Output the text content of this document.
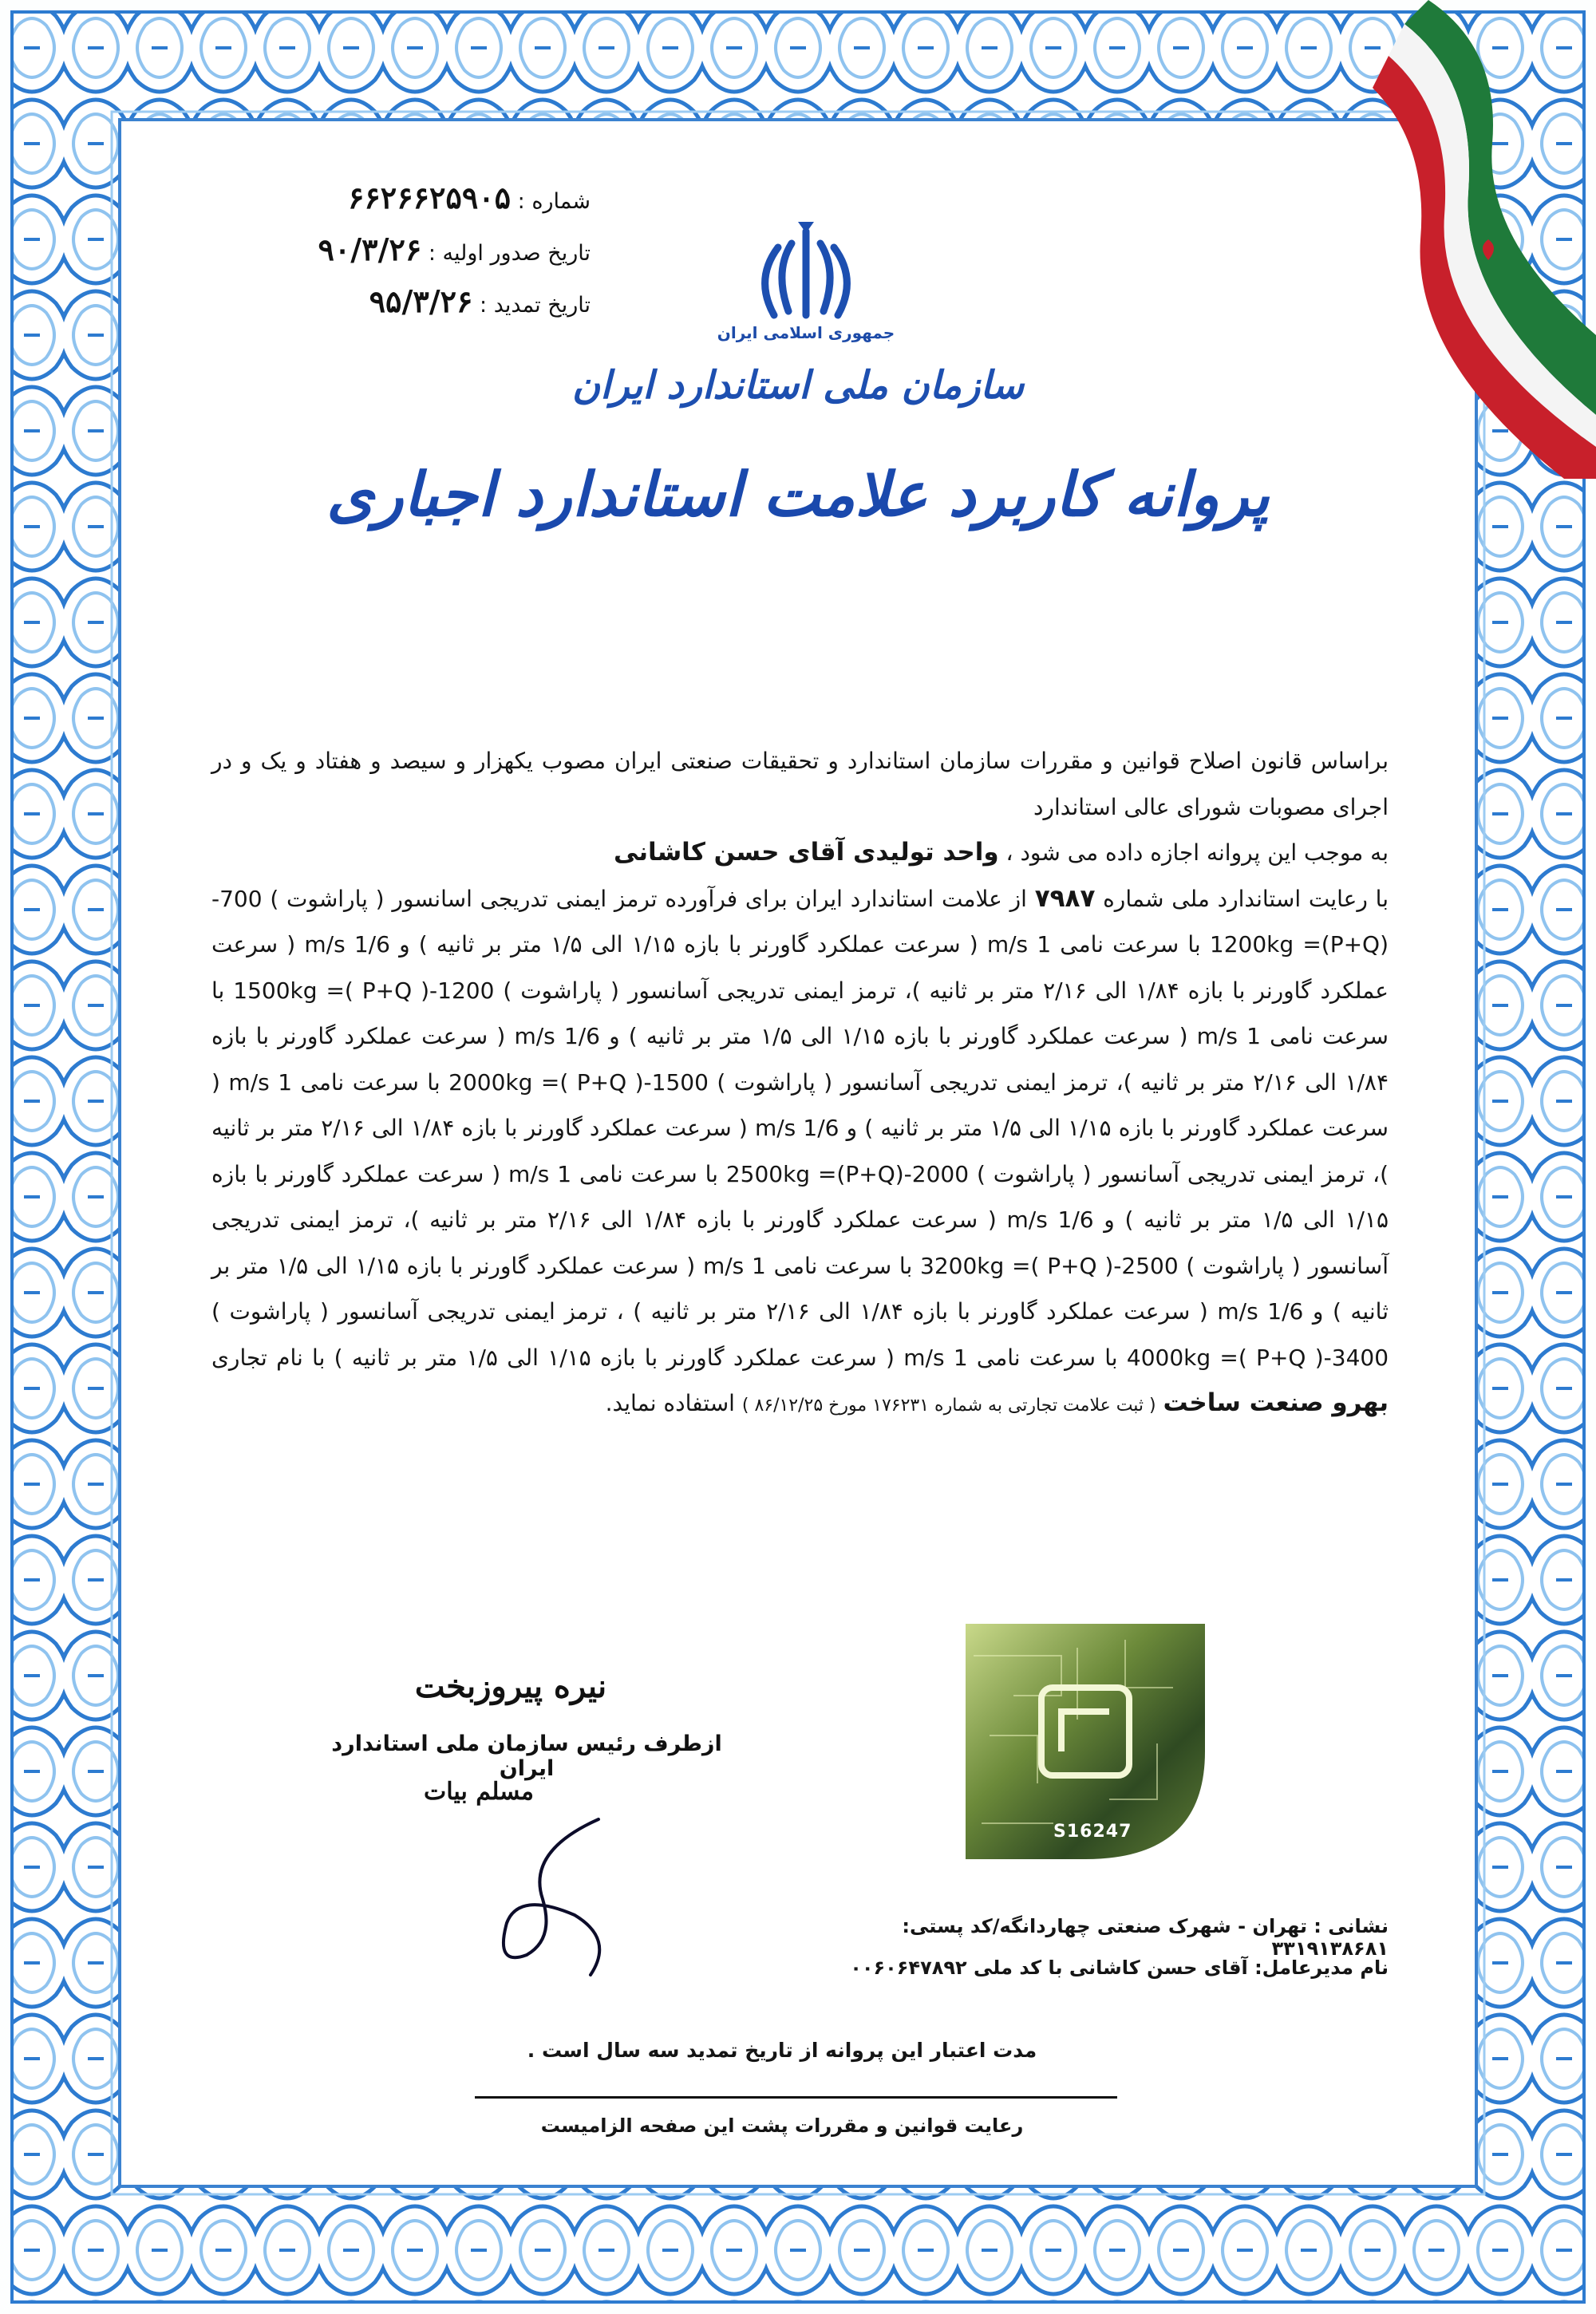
شماره : ۶۶۲۶۶۲۵۹۰۵
تاریخ صدور اولیه : ۹۰/۳/۲۶
تاریخ تمدید : ۹۵/۳/۲۶
جمهوری اسلامی ایران
سازمان ملی استاندارد ایران
پروانه کاربرد علامت استاندارد اجباری

براساس قانون اصلاح قوانین و مقررات سازمان استاندارد و تحقیقات صنعتی ایران مصوب یکهزار و سیصد و هفتاد و یک و در اجرای مصوبات شورای عالی استاندارد

به موجب این پروانه اجازه داده می شود ، واحد تولیدی آقای حسن کاشانی

با رعایت استاندارد ملی شماره ۷۹۸۷ از علامت استاندارد ایران برای فرآورده ترمز ایمنی تدریجی اسانسور ( پاراشوت ) 700-1200kg =(P+Q) با سرعت نامی 1 m/s ( سرعت عملکرد گاورنر با بازه ۱/۱۵ الی ۱/۵ متر بر ثانیه ) و 1/6 m/s ( سرعت عملکرد گاورنر با بازه ۱/۸۴ الی ۲/۱۶ متر بر ثانیه )، ترمز ایمنی تدریجی آسانسور ( پاراشوت ) 1200-1500kg =( P+Q ) با سرعت نامی 1 m/s ( سرعت عملکرد گاورنر با بازه ۱/۱۵ الی ۱/۵ متر بر ثانیه ) و 1/6 m/s ( سرعت عملکرد گاورنر با بازه ۱/۸۴ الی ۲/۱۶ متر بر ثانیه )، ترمز ایمنی تدریجی آسانسور ( پاراشوت ) 1500-2000kg =( P+Q ) با سرعت نامی 1 m/s ( سرعت عملکرد گاورنر با بازه ۱/۱۵ الی ۱/۵ متر بر ثانیه ) و 1/6 m/s ( سرعت عملکرد گاورنر با بازه ۱/۸۴ الی ۲/۱۶ متر بر ثانیه )، ترمز ایمنی تدریجی آسانسور ( پاراشوت ) 2000-2500kg =(P+Q) با سرعت نامی 1 m/s ( سرعت عملکرد گاورنر با بازه ۱/۱۵ الی ۱/۵ متر بر ثانیه ) و 1/6 m/s ( سرعت عملکرد گاورنر با بازه ۱/۸۴ الی ۲/۱۶ متر بر ثانیه )، ترمز ایمنی تدریجی آسانسور ( پاراشوت ) 2500-3200kg =( P+Q ) با سرعت نامی 1 m/s ( سرعت عملکرد گاورنر با بازه ۱/۱۵ الی ۱/۵ متر بر ثانیه ) و 1/6 m/s ( سرعت عملکرد گاورنر با بازه ۱/۸۴ الی ۲/۱۶ متر بر ثانیه ) ، ترمز ایمنی تدریجی آسانسور ( پاراشوت ) 3400-4000kg =( P+Q ) با سرعت نامی 1 m/s ( سرعت عملکرد گاورنر با بازه ۱/۱۵ الی ۱/۵ متر بر ثانیه ) با نام تجاری بهرو صنعت ساخت ( ثبت علامت تجارتی به شماره ۱۷۶۲۳۱ مورخ ۸۶/۱۲/۲۵ ) استفاده نماید.

S16247
نیره پیروزبخت
ازطرف رئیس سازمان ملی استاندارد ایران
مسلم بیات
نشانی : تهران - شهرک صنعتی چهاردانگه/کد پستی: ۳۳۱۹۱۳۸۶۸۱
نام مدیرعامل: آقای حسن کاشانی با کد ملی ۰۰۶۰۶۴۷۸۹۲
مدت اعتبار این پروانه از تاریخ تمدید سه سال است .
رعایت قوانین و مقررات پشت این صفحه الزامیست
